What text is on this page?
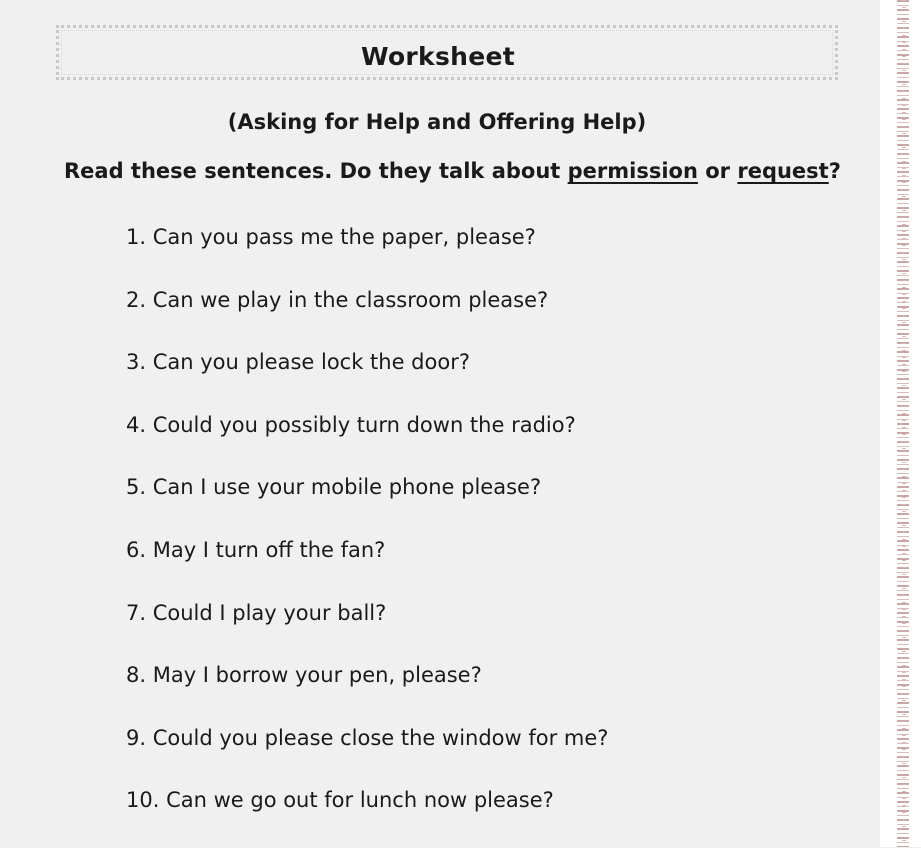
Worksheet
(Asking for Help and Offering Help)
Read these sentences. Do they talk about permission or request?
1. Can you pass me the paper, please?
2. Can we play in the classroom please?
3. Can you please lock the door?
4. Could you possibly turn down the radio?
5. Can I use your mobile phone please?
6. May I turn off the fan?
7. Could I play your ball?
8. May I borrow your pen, please?
9. Could you please close the window for me?
10. Can we go out for lunch now please?
